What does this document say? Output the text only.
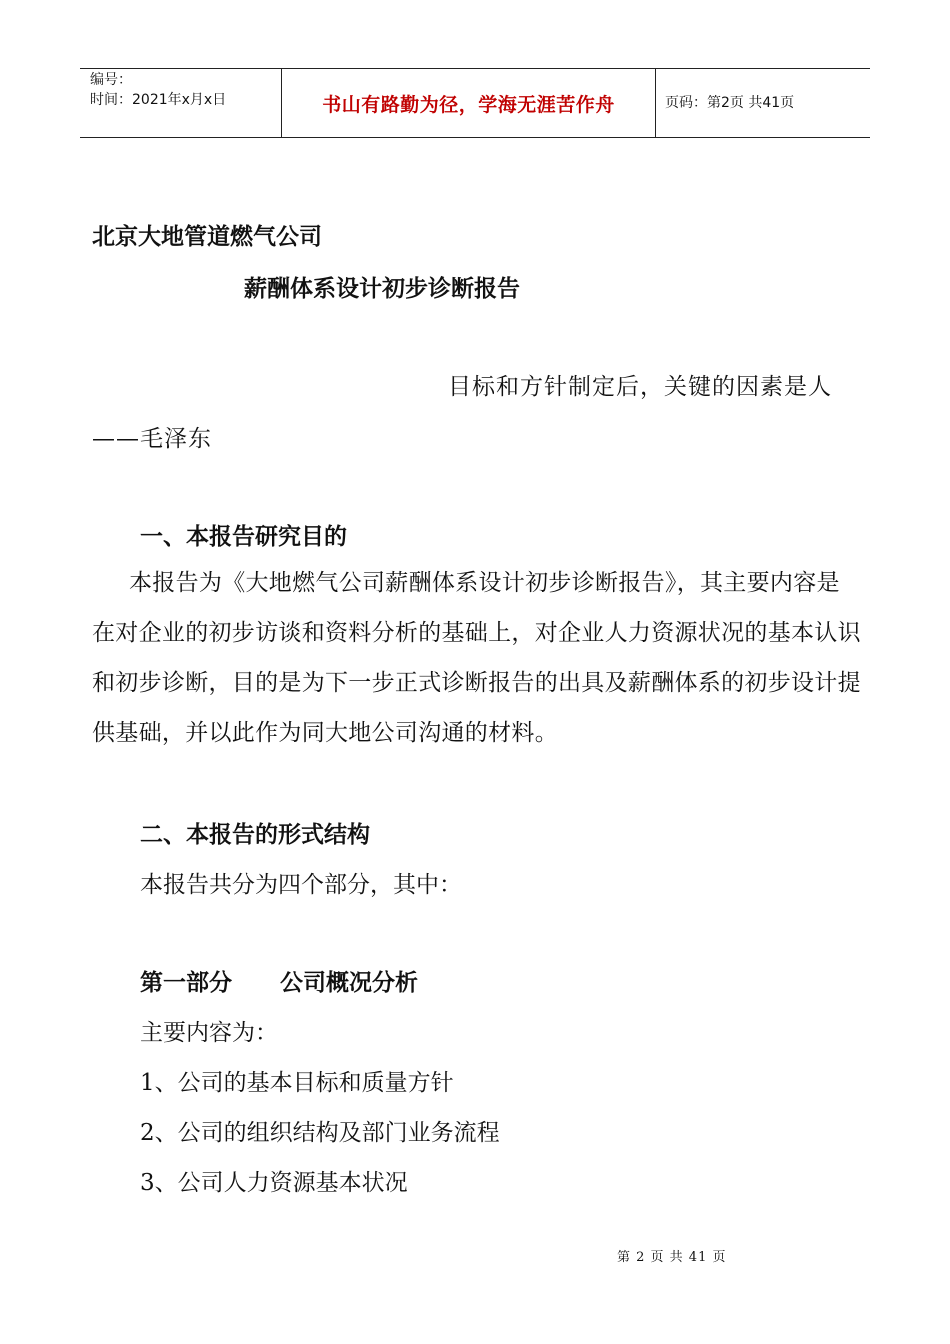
编号：
时间：2021年x月x日	书山有路勤为径，学海无涯苦作舟	页码：第2页 共41页
北京大地管道燃气公司
薪酬体系设计初步诊断报告
目标和方针制定后，关键的因素是人
——毛泽东
一、本报告研究目的

本报告为《大地燃气公司薪酬体系设计初步诊断报告》，其主要内容是在对企业的初步访谈和资料分析的基础上，对企业人力资源状况的基本认识和初步诊断，目的是为下一步正式诊断报告的出具及薪酬体系的初步设计提供基础，并以此作为同大地公司沟通的材料。

二、本报告的形式结构
本报告共分为四个部分，其中：
第一部分      公司概况分析
主要内容为：
1、公司的基本目标和质量方针
2、公司的组织结构及部门业务流程
3、公司人力资源基本状况
第 2 页 共 41 页
